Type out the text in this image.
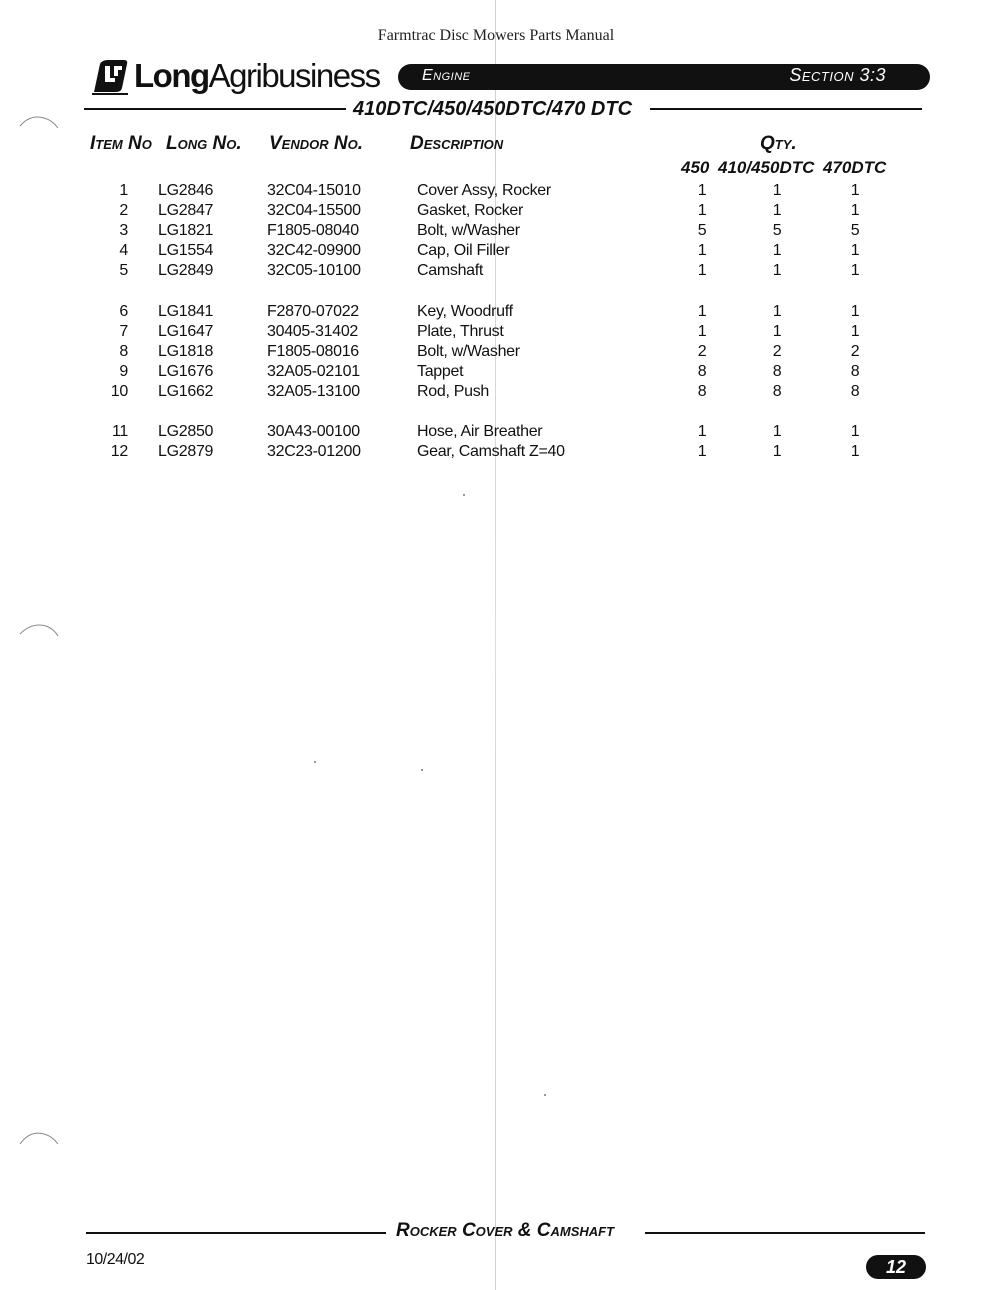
Farmtrac Disc Mowers Parts Manual
LongAgribusiness	Engine	Section 3:3
410DTC/450/450DTC/470 DTC
Item No Long No. Vendor No. Description	Qty.
450 410/450DTC 470DTC
1 LG2846	32C04-15010	Cover Assy, Rocker	1	1	1
2 LG2847	32C04-15500	Gasket, Rocker	1	1	1
3 LG1821	F1805-08040	Bolt, w/Washer	5	5	5
4 LG1554	32C42-09900	Cap, Oil Filler	1	1	1
5 LG2849	32C05-10100	Camshaft	1	1	1
6 LG1841	F2870-07022	Key, Woodruff	1	1	1
7 LG1647	30405-31402	Plate, Thrust	1	1	1
8 LG1818	F1805-08016	Bolt, w/Washer	2	2	2
9 LG1676	32A05-02101	Tappet	8	8	8
10 LG1662	32A05-13100	Rod, Push	8	8	8
11 LG2850	30A43-00100	Hose, Air Breather	1	1	1
12 LG2879	32C23-01200	Gear, Camshaft Z=40	1	1	1
Rocker Cover & Camshaft
10/24/02	12
